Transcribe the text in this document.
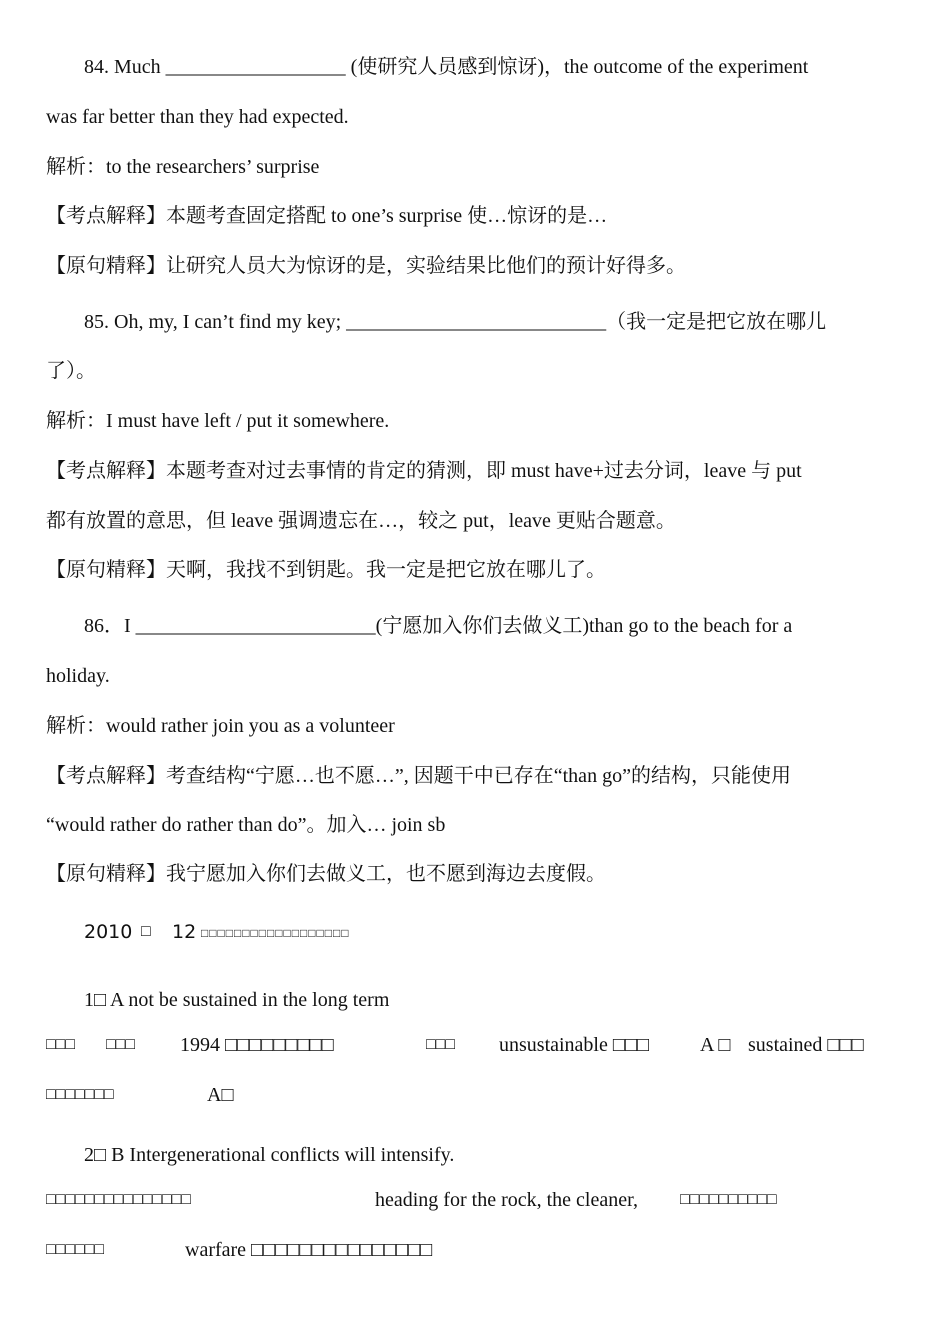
84. Much __________________ (使研究人员感到惊讶)，the outcome of the experiment
was far better than they had expected.
解析：to the researchers’ surprise
【考点解释】本题考查固定搭配 to one’s surprise 使…惊讶的是…
【原句精释】让研究人员大为惊讶的是，实验结果比他们的预计好得多。
85. Oh, my, I can’t find my key; __________________________（我一定是把它放在哪儿
了）。
解析：I must have left / put it somewhere.
【考点解释】本题考查对过去事情的肯定的猜测，即 must have+过去分词，leave 与 put
都有放置的意思，但 leave 强调遗忘在…，较之 put，leave 更贴合题意。
【原句精释】天啊，我找不到钥匙。我一定是把它放在哪儿了。
86．I ________________________(宁愿加入你们去做义工)than go to the beach for a
holiday.
解析：would rather join you as a volunteer
【考点解释】考查结构“宁愿…也不愿…”, 因题干中已存在“than go”的结构，只能使用
“would rather do rather than do”。加入… join sb
【原句精释】我宁愿加入你们去做义工，也不愿到海边去度假。
2010 □ 12 □□□□□□□□□□□□□□□□□□
1□ A not be sustained in the long term
□□□ □□□ 1994 □□□□□□□□□	□□□ unsustainable □□□	A □ sustained □□□
□□□□□□□	A□
2□ B Intergenerational conflicts will intensify.
□□□□□□□□□□□□□□□	heading for the rock, the cleaner,	□□□□□□□□□□
□□□□□□	warfare □□□□□□□□□□□□□□□
